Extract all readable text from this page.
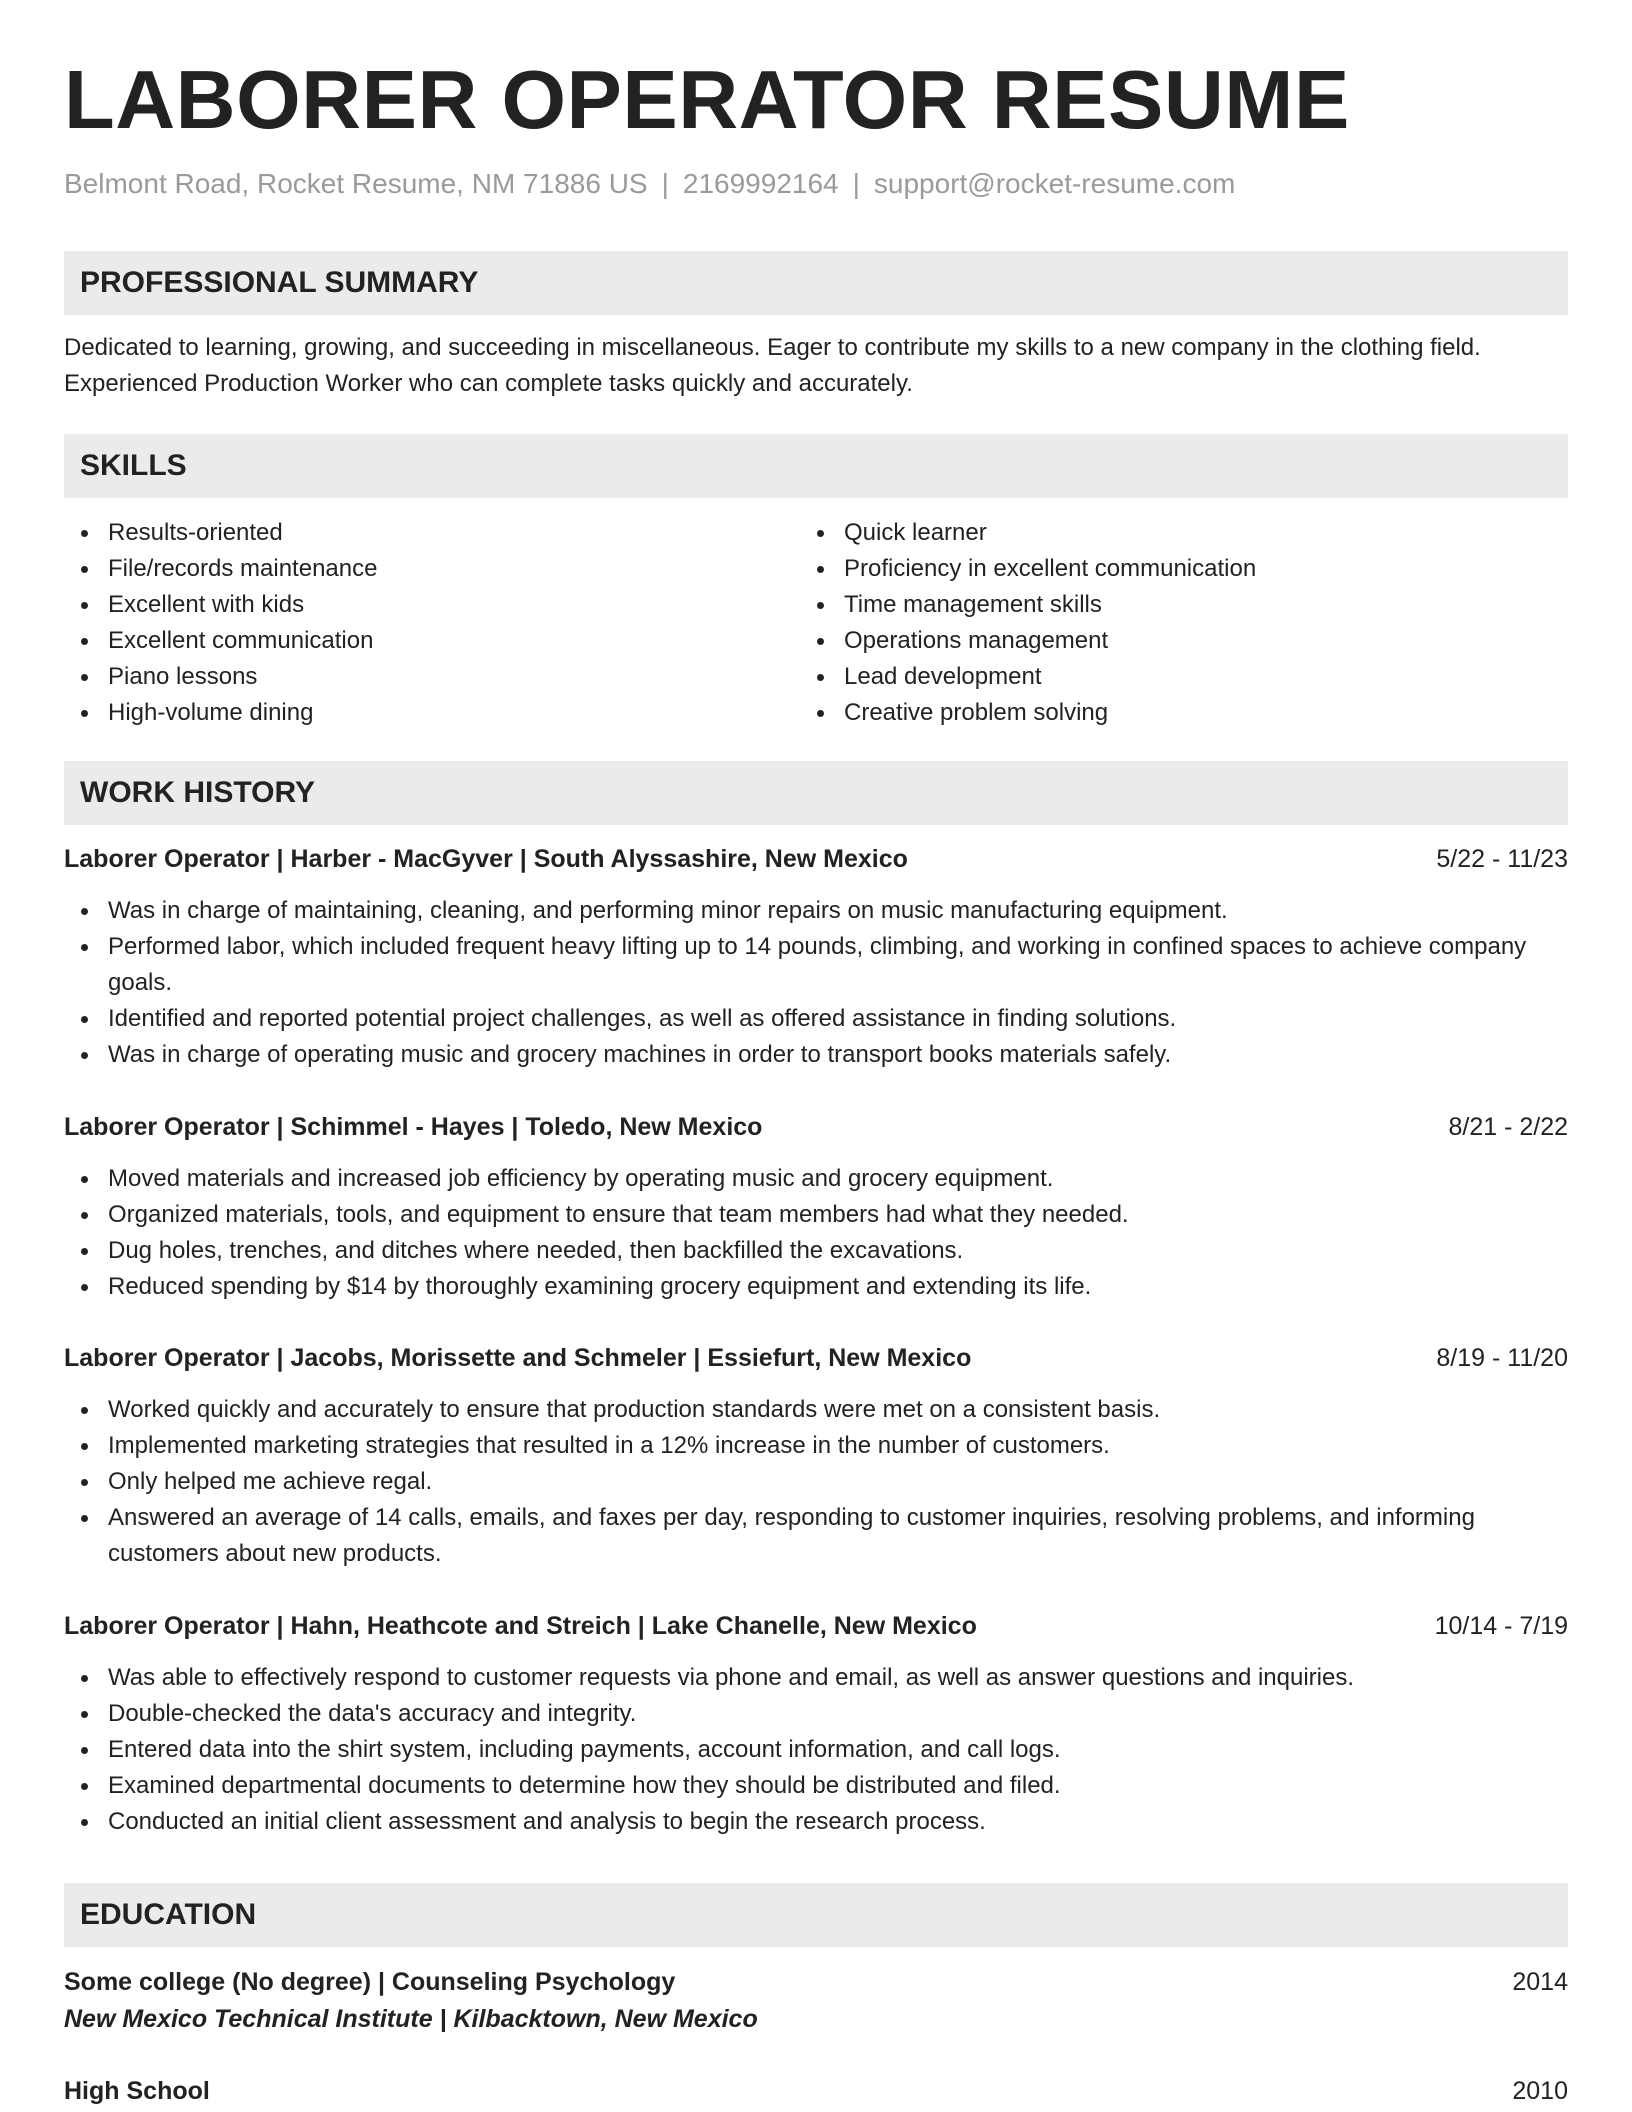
LABORER OPERATOR RESUME
Belmont Road, Rocket Resume, NM 71886 US | 2169992164 | support@rocket-resume.com
PROFESSIONAL SUMMARY
Dedicated to learning, growing, and succeeding in miscellaneous. Eager to contribute my skills to a new company in the clothing field. Experienced Production Worker who can complete tasks quickly and accurately.
SKILLS
Results-oriented
File/records maintenance
Excellent with kids
Excellent communication
Piano lessons
High-volume dining
Quick learner
Proficiency in excellent communication
Time management skills
Operations management
Lead development
Creative problem solving
WORK HISTORY
Laborer Operator | Harber - MacGyver | South Alyssashire, New Mexico	5/22 - 11/23
Was in charge of maintaining, cleaning, and performing minor repairs on music manufacturing equipment.
Performed labor, which included frequent heavy lifting up to 14 pounds, climbing, and working in confined spaces to achieve company goals.
Identified and reported potential project challenges, as well as offered assistance in finding solutions.
Was in charge of operating music and grocery machines in order to transport books materials safely.
Laborer Operator | Schimmel - Hayes | Toledo, New Mexico	8/21 - 2/22
Moved materials and increased job efficiency by operating music and grocery equipment.
Organized materials, tools, and equipment to ensure that team members had what they needed.
Dug holes, trenches, and ditches where needed, then backfilled the excavations.
Reduced spending by $14 by thoroughly examining grocery equipment and extending its life.
Laborer Operator | Jacobs, Morissette and Schmeler | Essiefurt, New Mexico	8/19 - 11/20
Worked quickly and accurately to ensure that production standards were met on a consistent basis.
Implemented marketing strategies that resulted in a 12% increase in the number of customers.
Only helped me achieve regal.
Answered an average of 14 calls, emails, and faxes per day, responding to customer inquiries, resolving problems, and informing customers about new products.
Laborer Operator | Hahn, Heathcote and Streich | Lake Chanelle, New Mexico	10/14 - 7/19
Was able to effectively respond to customer requests via phone and email, as well as answer questions and inquiries.
Double-checked the data's accuracy and integrity.
Entered data into the shirt system, including payments, account information, and call logs.
Examined departmental documents to determine how they should be distributed and filed.
Conducted an initial client assessment and analysis to begin the research process.
EDUCATION
Some college (No degree) | Counseling Psychology	2014
New Mexico Technical Institute | Kilbacktown, New Mexico
High School	2010
